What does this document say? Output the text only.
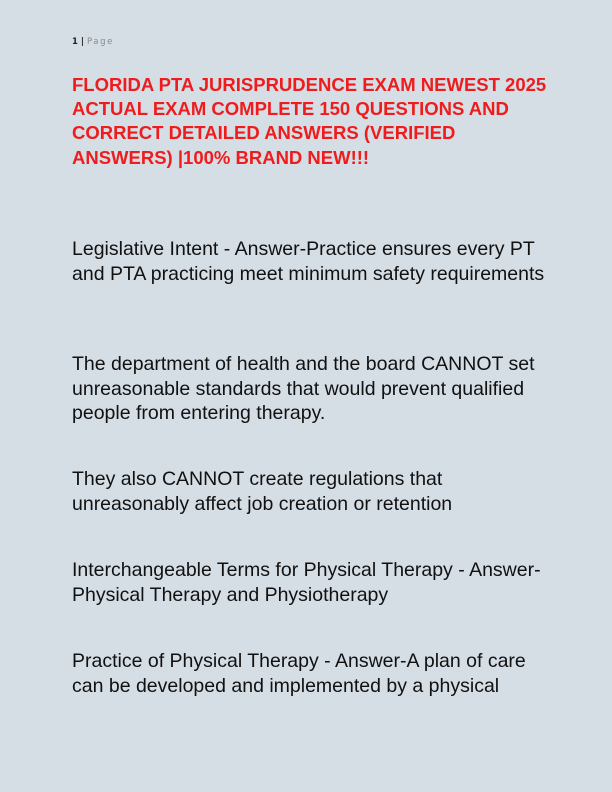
1 | Page
FLORIDA PTA JURISPRUDENCE EXAM NEWEST 2025 ACTUAL EXAM COMPLETE 150 QUESTIONS AND CORRECT DETAILED ANSWERS (VERIFIED ANSWERS) |100% BRAND NEW!!!

Legislative Intent - Answer-Practice ensures every PT and PTA practicing meet minimum safety requirements

The department of health and the board CANNOT set unreasonable standards that would prevent qualified people from entering therapy.

They also CANNOT create regulations that unreasonably affect job creation or retention

Interchangeable Terms for Physical Therapy - Answer-Physical Therapy and Physiotherapy

Practice of Physical Therapy - Answer-A plan of care can be developed and implemented by a physical
